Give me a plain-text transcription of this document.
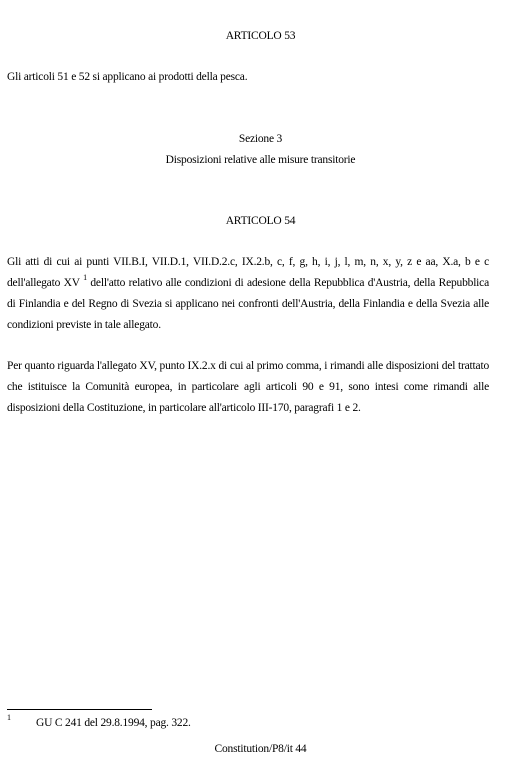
ARTICOLO 53
Gli articoli 51 e 52 si applicano ai prodotti della pesca.
Sezione 3
Disposizioni relative alle misure transitorie
ARTICOLO 54
Gli atti di cui ai punti VII.B.I, VII.D.1, VII.D.2.c, IX.2.b, c, f, g, h, i, j, l, m, n, x, y, z e aa, X.a, b e c dell'allegato XV $^1$ dell'atto relativo alle condizioni di adesione della Repubblica d'Austria, della Repubblica di Finlandia e del Regno di Svezia si applicano nei confronti dell'Austria, della Finlandia e della Svezia alle condizioni previste in tale allegato.
Per quanto riguarda l'allegato XV, punto IX.2.x di cui al primo comma, i rimandi alle disposizioni del trattato che istituisce la Comunità europea, in particolare agli articoli 90 e 91, sono intesi come rimandi alle disposizioni della Costituzione, in particolare all'articolo III-170, paragrafi 1 e 2.
1 GU C 241 del 29.8.1994, pag. 322.
Constitution/P8/it 44
